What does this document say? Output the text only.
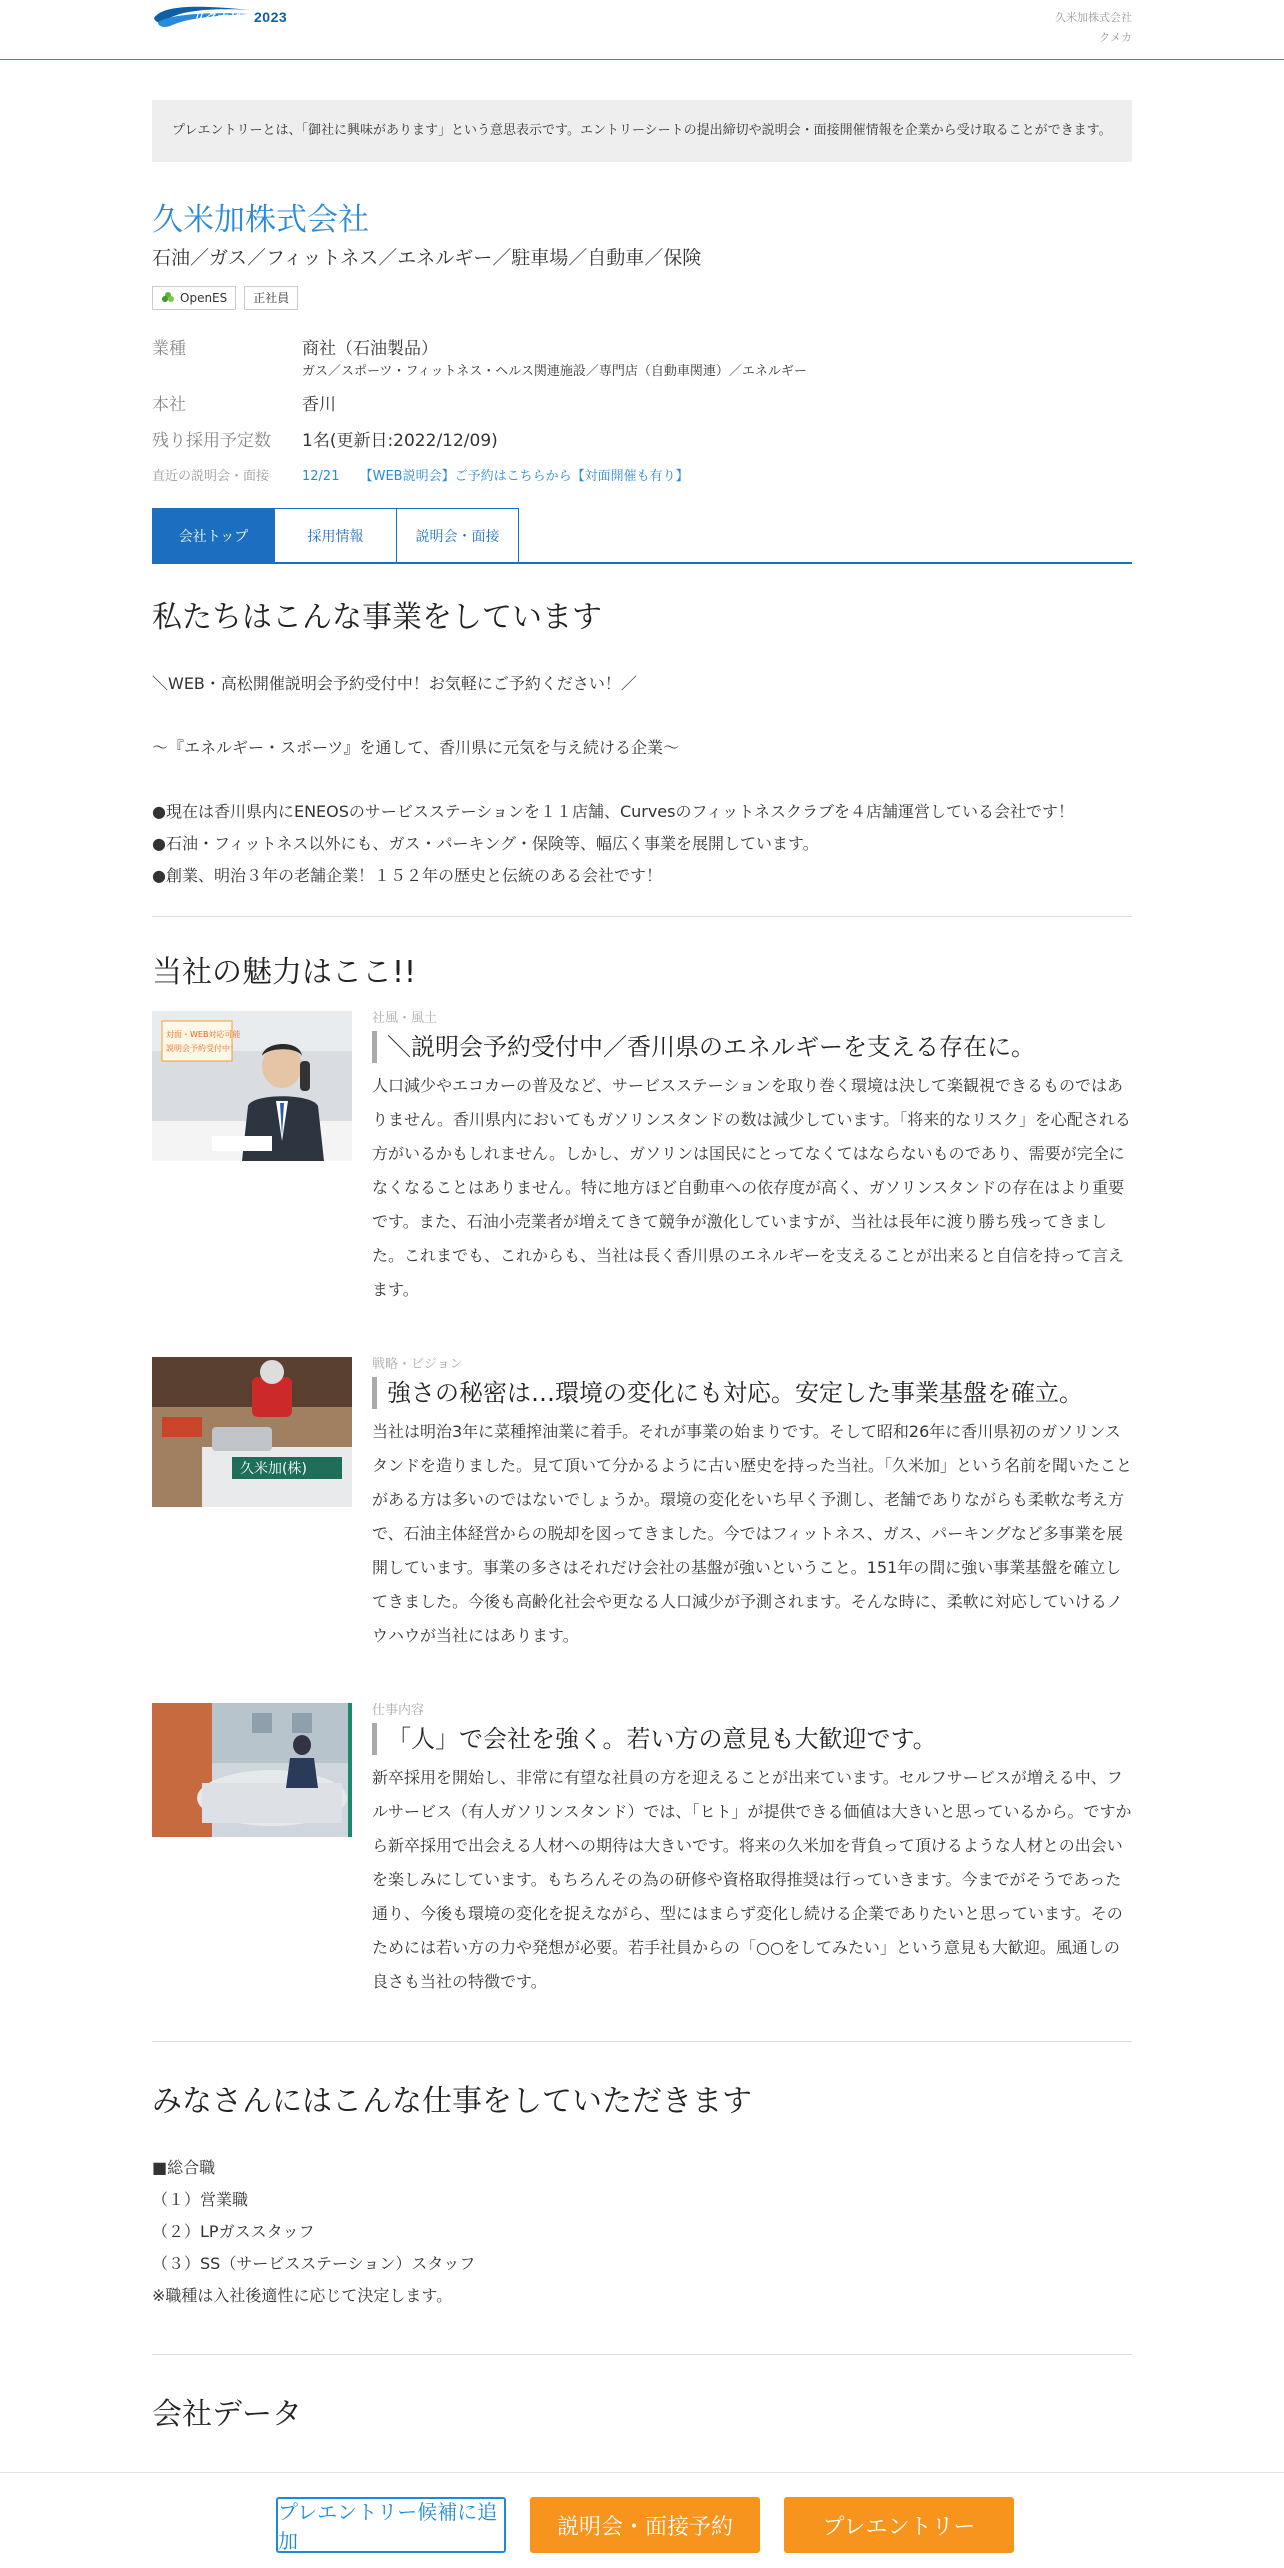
リクナビ 2023	久米加株式会社
クメカ
プレエントリーとは、「御社に興味があります」という意思表示です。エントリーシートの提出締切や説明会・面接開催情報を企業から受け取ることができます。
久米加株式会社
石油／ガス／フィットネス／エネルギー／駐車場／自動車／保険
OpenES	正社員
業種	商社（石油製品）
ガス／スポーツ・フィットネス・ヘルス関連施設／専門店（自動車関連）／エネルギー
本社	香川
残り採用予定数	1名(更新日:2022/12/09)
直近の説明会・面接	12/21 【WEB説明会】ご予約はこちらから【対面開催も有り】
会社トップ	採用情報	説明会・面接
私たちはこんな事業をしています

＼WEB・高松開催説明会予約受付中！お気軽にご予約ください！／

～『エネルギー・スポーツ』を通して、香川県に元気を与え続ける企業～

●現在は香川県内にENEOSのサービスステーションを１１店舗、Curvesのフィットネスクラブを４店舗運営している会社です！

●石油・フィットネス以外にも、ガス・パーキング・保険等、幅広く事業を展開しています。

●創業、明治３年の老舗企業！１５２年の歴史と伝統のある会社です！

当社の魅力はここ!!
対面・WEB対応可能
説明会予約受付中！
社風・風土
＼説明会予約受付中／香川県のエネルギーを支える存在に。
人口減少やエコカーの普及など、サービスステーションを取り巻く環境は決して楽観視できるものではありません。香川県内においてもガソリンスタンドの数は減少しています。「将来的なリスク」を心配される方がいるかもしれません。しかし、ガソリンは国民にとってなくてはならないものであり、需要が完全になくなることはありません。特に地方ほど自動車への依存度が高く、ガソリンスタンドの存在はより重要です。また、石油小売業者が増えてきて競争が激化していますが、当社は長年に渡り勝ち残ってきました。これまでも、これからも、当社は長く香川県のエネルギーを支えることが出来ると自信を持って言えます。
久米加(株)
戦略・ビジョン
強さの秘密は…環境の変化にも対応。安定した事業基盤を確立。
当社は明治3年に菜種搾油業に着手。それが事業の始まりです。そして昭和26年に香川県初のガソリンスタンドを造りました。見て頂いて分かるように古い歴史を持った当社。「久米加」という名前を聞いたことがある方は多いのではないでしょうか。環境の変化をいち早く予測し、老舗でありながらも柔軟な考え方で、石油主体経営からの脱却を図ってきました。今ではフィットネス、ガス、パーキングなど多事業を展開しています。事業の多さはそれだけ会社の基盤が強いということ。151年の間に強い事業基盤を確立してきました。今後も高齢化社会や更なる人口減少が予測されます。そんな時に、柔軟に対応していけるノウハウが当社にはあります。
仕事内容
「人」で会社を強く。若い方の意見も大歓迎です。
新卒採用を開始し、非常に有望な社員の方を迎えることが出来ています。セルフサービスが増える中、フルサービス（有人ガソリンスタンド）では、「ヒト」が提供できる価値は大きいと思っているから。ですから新卒採用で出会える人材への期待は大きいです。将来の久米加を背負って頂けるような人材との出会いを楽しみにしています。もちろんその為の研修や資格取得推奨は行っていきます。今までがそうであった通り、今後も環境の変化を捉えながら、型にはまらず変化し続ける企業でありたいと思っています。そのためには若い方の力や発想が必要。若手社員からの「○○をしてみたい」という意見も大歓迎。風通しの良さも当社の特徴です。
みなさんにはこんな仕事をしていただきます

■総合職

（１）営業職

（２）LPガススタッフ

（３）SS（サービスステーション）スタッフ

※職種は入社後適性に応じて決定します。

会社データ
プレエントリー候補に追加
説明会・面接予約	プレエントリー
